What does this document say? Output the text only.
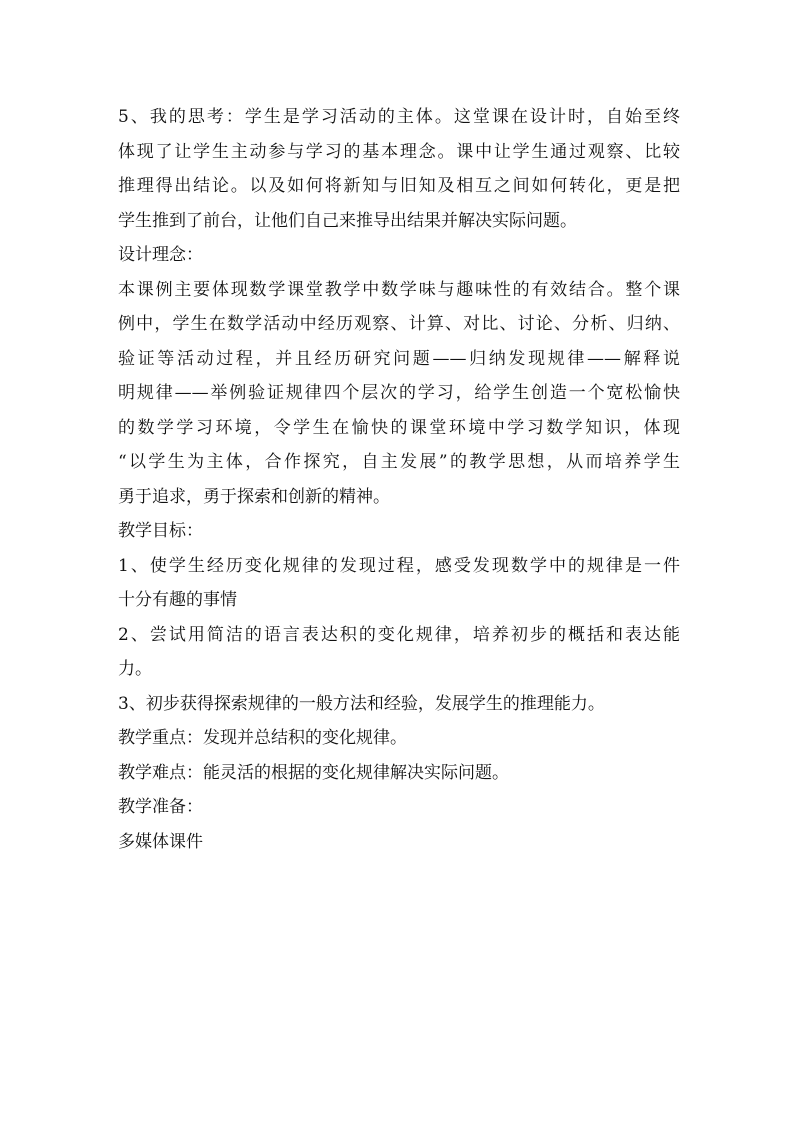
5、我的思考：学生是学习活动的主体。这堂课在设计时，自始至终
体现了让学生主动参与学习的基本理念。课中让学生通过观察、比较
推理得出结论。以及如何将新知与旧知及相互之间如何转化，更是把
学生推到了前台，让他们自己来推导出结果并解决实际问题。
设计理念：
本课例主要体现数学课堂教学中数学味与趣味性的有效结合。整个课
例中，学生在数学活动中经历观察、计算、对比、讨论、分析、归纳、
验证等活动过程，并且经历研究问题——归纳发现规律——解释说
明规律——举例验证规律四个层次的学习，给学生创造一个宽松愉快
的数学学习环境，令学生在愉快的课堂环境中学习数学知识，体现
“以学生为主体，合作探究，自主发展”的教学思想，从而培养学生
勇于追求，勇于探索和创新的精神。
教学目标：
1、使学生经历变化规律的发现过程，感受发现数学中的规律是一件
十分有趣的事情
2、尝试用简洁的语言表达积的变化规律，培养初步的概括和表达能
力。
3、初步获得探索规律的一般方法和经验，发展学生的推理能力。
教学重点：发现并总结积的变化规律。
教学难点：能灵活的根据的变化规律解决实际问题。
教学准备：
多媒体课件
